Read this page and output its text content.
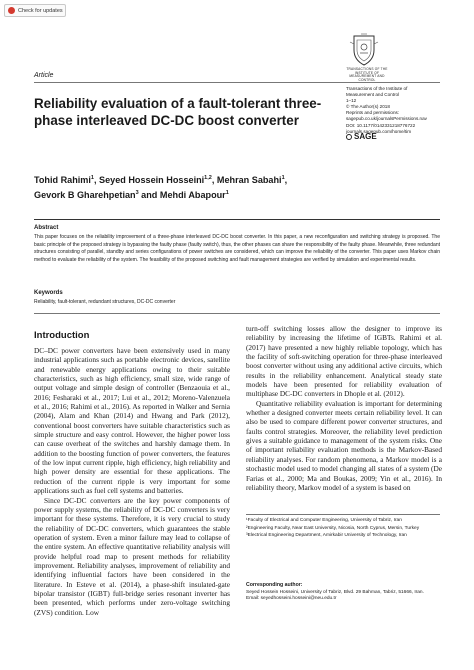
Check for updates
TRANSACTIONS OF THE
INSTITUTE OF
MEASUREMENT AND
CONTROL
Article
Transactions of the Institute of
Measurement and Control
1–12
© The Author(s) 2018
Reprints and permissions:
sagepub.co.uk/journalsPermissions.nav
DOI: 10.1177/0142331218776722
journals.sagepub.com/home/tim
SAGE
Reliability evaluation of a fault-tolerant three-phase interleaved DC-DC boost converter
Tohid Rahimi$^1$, Seyed Hossein Hosseini$^{1,2}$, Mehran Sabahi$^1$,
Gevork B Gharehpetian$^3$ and Mehdi Abapour$^1$
Abstract
This paper focuses on the reliability improvement of a three-phase interleaved DC-DC boost converter. In this paper, a new reconfiguration and switching strategy is proposed. The basic principle of the proposed strategy is bypassing the faulty phase (faulty switch), thus, the other phases can share the responsibility of the faulty phase. Meanwhile, three redundant structures consisting of parallel, standby and series configurations of power switches are considered, which can improve the reliability of the converter. This paper uses Markov chain method to evaluate the reliability of the system. The feasibility of the proposed switching and fault management strategies are verified by simulation and experimental results.
Keywords
Reliability, fault-tolerant, redundant structures, DC-DC converter
Introduction

DC–DC power converters have been extensively used in many industrial applications such as portable electronic devices, satellite and renewable energy applications owing to their suitable characteristics, such as high efficiency, small size, wide range of output voltage and simple design of controller (Benzaouia et al., 2016; Fesharaki et al., 2017; Lui et al., 2012; Moreno-Valenzuela et al., 2016; Rahimi et al., 2016). As reported in Walker and Sernia (2004), Alam and Khan (2014) and Hwang and Park (2012), conventional boost converters have suitable characteristics such as simple structure and easy control. However, the higher power loss can cause overheat of the switches and harshly damage them. In addition to the boosting function of power converters, the features of the low input current ripple, high efficiency, high reliability and high power density are essential for these applications. The reduction of the current ripple is very important for some applications such as fuel cell systems and batteries.

Since DC-DC converters are the key power components of power supply systems, the reliability of DC-DC converters is very important for these systems. Therefore, it is very crucial to study the reliability of DC-DC converters, which guarantees the stable operation of system. Even a minor failure may lead to collapse of the entire system. An effective quantitative reliability analysis will provide helpful road map to present methods for reliability improvement. Reliability analyses, improvement of reliability and identifying influential factors have been considered in the literature. In Esteve et al. (2014), a phase-shift insulated-gate bipolar transistor (IGBT) full-bridge series resonant inverter has been presented, which performs under zero-voltage switching (ZVS) condition. Low

turn-off switching losses allow the designer to improve its reliability by increasing the lifetime of IGBTs. Rahimi et al. (2017) have presented a new highly reliable topology, which has the facility of soft-switching operation for three-phase interleaved boost converter without using any additional active circuits, which results in the reliability enhancement. Analytical steady state models have been presented for reliability evaluation of multiphase DC-DC converters in Dhople et al. (2012).

Quantitative reliability evaluation is important for determining whether a designed converter meets certain reliability level. It can also be used to compare different power converter structures, and faults control strategies. Moreover, the reliability level prediction gives a suitable guidance to management of the system risks. One of important reliability evaluation methods is the Markov-Based reliability analyses. For random phenomena, a Markov model is a stochastic model used to model changing all states of a system (De Farias et al., 2000; Ma and Boukas, 2009; Yin et al., 2016). In reliability theory, Markov model of a system is based on

¹Faculty of Electrical and Computer Engineering, University of Tabriz, Iran
²Engineering Faculty, Near East University, Nicosia, North Cyprus, Mersin, Turkey
³Electrical Engineering Department, Amirkabir University of Technology, Iran
Corresponding author:
Seyed Hossein Hosseini, University of Tabriz, Blvd. 29 Bahman, Tabriz, 51666, Iran.
Email: seyedhosseini.hosseini@neu.edu.tr
